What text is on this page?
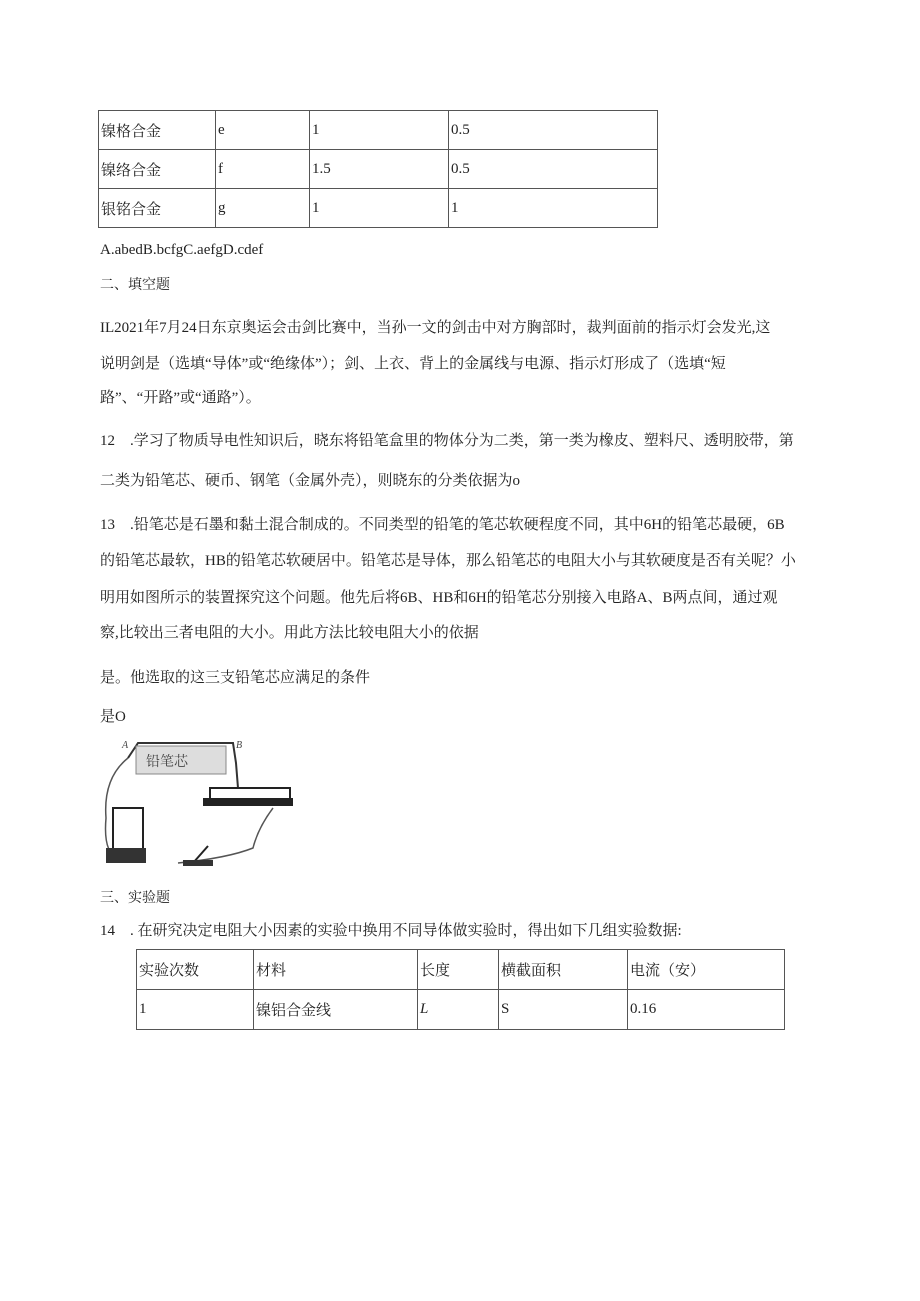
镍格合金	e	1	0.5
镍络合金	f	1.5	0.5
银铭合金	g	1	1
A.abedB.bcfgC.aefgD.cdef
二、填空题
IL2021年7月24日东京奥运会击剑比赛中，当孙一文的剑击中对方胸部时，裁判面前的指示灯会发光,这
说明剑是（选填“导体”或“绝缘体”）；剑、上衣、背上的金属线与电源、指示灯形成了（选填“短
路”、“开路”或“通路”）。
12　.学习了物质导电性知识后，晓东将铅笔盒里的物体分为二类，第一类为橡皮、塑料尺、透明胶带，第
二类为铅笔芯、硬币、钢笔（金属外壳），则晓东的分类依据为o
13　.铅笔芯是石墨和黏土混合制成的。不同类型的铅笔的笔芯软硬程度不同，其中6H的铅笔芯最硬，6B
的铅笔芯最软，HB的铅笔芯软硬居中。铅笔芯是导体，那么铅笔芯的电阻大小与其软硬度是否有关呢？小
明用如图所示的装置探究这个问题。他先后将6B、HB和6H的铅笔芯分别接入电路A、B两点间，通过观
察,比较出三者电阻的大小。用此方法比较电阻大小的依据
是。他选取的这三支铅笔芯应满足的条件
是O
铅笔芯
A	B
三、实验题
14　. 在研究决定电阻大小因素的实验中换用不同导体做实验时，得出如下几组实验数据:
实验次数	材料	长度	横截面积	电流（安）
1	镍铝合金线	L	S	0.16
